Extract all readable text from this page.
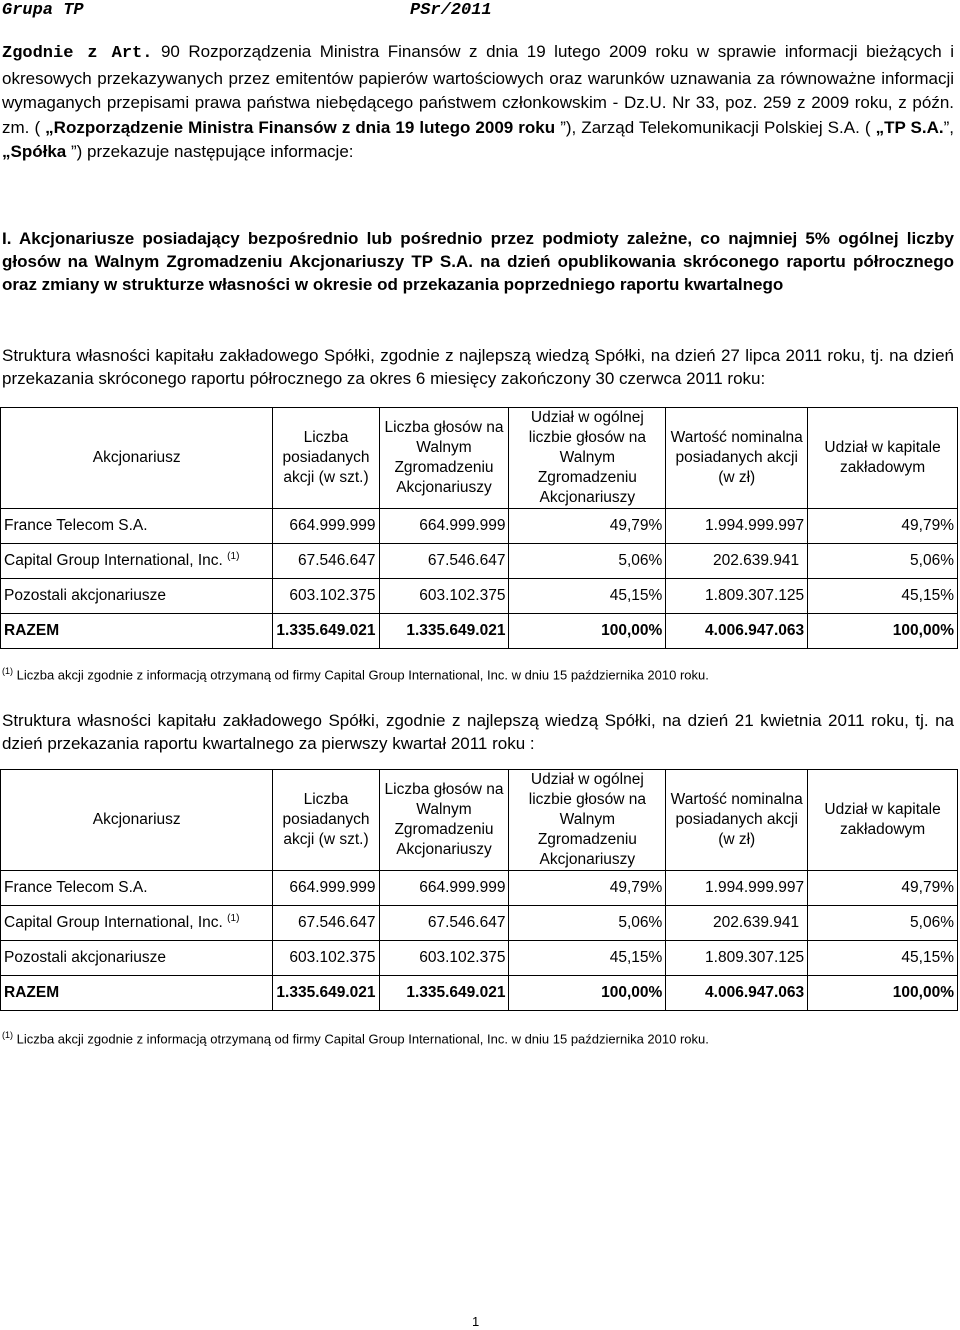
Grupa TP	PSr/2011
Zgodnie z Art. 90 Rozporządzenia Ministra Finansów z dnia 19 lutego 2009 roku w sprawie informacji bieżących i okresowych przekazywanych przez emitentów papierów wartościowych oraz warunków uznawania za równoważne informacji wymaganych przepisami prawa państwa niebędącego państwem członkowskim - Dz.U. Nr 33, poz. 259 z 2009 roku, z późn. zm. ( „Rozporządzenie Ministra Finansów z dnia 19 lutego 2009 roku ”), Zarząd Telekomunikacji Polskiej S.A. ( „TP S.A.”, „Spółka ”) przekazuje następujące informacje:
I. Akcjonariusze posiadający bezpośrednio lub pośrednio przez podmioty zależne, co najmniej 5% ogólnej liczby głosów na Walnym Zgromadzeniu Akcjonariuszy TP S.A. na dzień opublikowania skróconego raportu półrocznego oraz zmiany w strukturze własności w okresie od przekazania poprzedniego raportu kwartalnego
Struktura własności kapitału zakładowego Spółki, zgodnie z najlepszą wiedzą Spółki, na dzień 27 lipca 2011 roku, tj. na dzień przekazania skróconego raportu półrocznego za okres 6 miesięcy zakończony 30 czerwca 2011 roku:
Akcjonariusz	Liczba posiadanych akcji (w szt.)	Liczba głosów na Walnym Zgromadzeniu Akcjonariuszy	Udział w ogólnej liczbie głosów na Walnym Zgromadzeniu Akcjonariuszy	Wartość nominalna posiadanych akcji (w zł)	Udział w kapitale zakładowym
France Telecom S.A.	664.999.999	664.999.999	49,79%	1.994.999.997	49,79%
Capital Group International, Inc. $^{(1)}$	67.546.647	67.546.647	5,06%	202.639.941	5,06%
Pozostali akcjonariusze	603.102.375	603.102.375	45,15%	1.809.307.125	45,15%
RAZEM	1.335.649.021	1.335.649.021	100,00%	4.006.947.063	100,00%
$^{(1)}$ Liczba akcji zgodnie z informacją otrzymaną od firmy Capital Group International, Inc. w dniu 15 października 2010 roku.
Struktura własności kapitału zakładowego Spółki, zgodnie z najlepszą wiedzą Spółki, na dzień 21 kwietnia 2011 roku, tj. na dzień przekazania raportu kwartalnego za pierwszy kwartał 2011 roku :
Akcjonariusz	Liczba posiadanych akcji (w szt.)	Liczba głosów na Walnym Zgromadzeniu Akcjonariuszy	Udział w ogólnej liczbie głosów na Walnym Zgromadzeniu Akcjonariuszy	Wartość nominalna posiadanych akcji (w zł)	Udział w kapitale zakładowym
France Telecom S.A.	664.999.999	664.999.999	49,79%	1.994.999.997	49,79%
Capital Group International, Inc. $^{(1)}$	67.546.647	67.546.647	5,06%	202.639.941	5,06%
Pozostali akcjonariusze	603.102.375	603.102.375	45,15%	1.809.307.125	45,15%
RAZEM	1.335.649.021	1.335.649.021	100,00%	4.006.947.063	100,00%
$^{(1)}$ Liczba akcji zgodnie z informacją otrzymaną od firmy Capital Group International, Inc. w dniu 15 października 2010 roku.
1
